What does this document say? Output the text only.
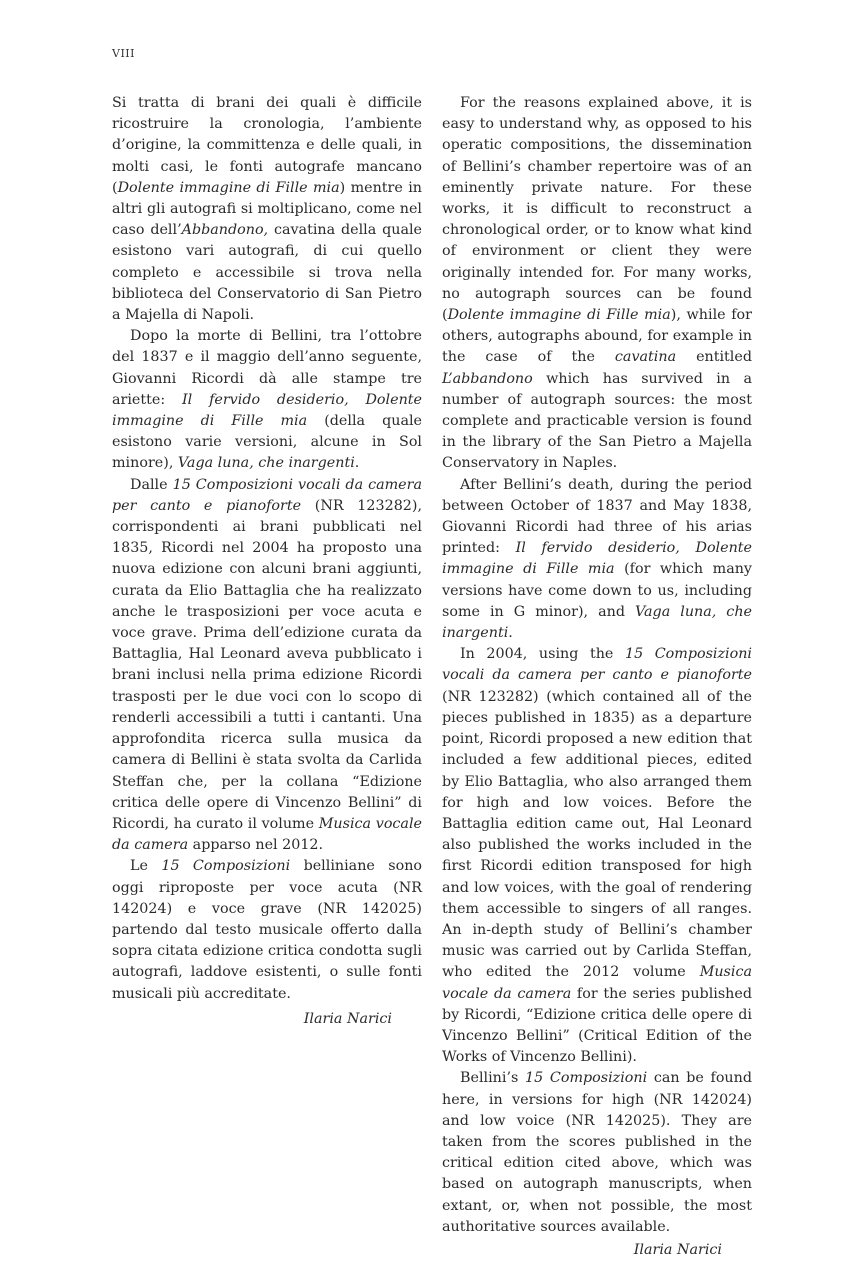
VIII

Si tratta di brani dei quali è difficile ricostruire la cronologia, l’ambiente d’origine, la committenza e delle quali, in molti casi, le fonti autografe mancano (Dolente immagine di Fille mia) mentre in altri gli autografi si moltiplicano, come nel caso dell’Abbandono, cavatina della quale esistono vari autografi, di cui quello completo e accessibile si trova nella biblioteca del Conservatorio di San Pietro a Majella di Napoli.

Dopo la morte di Bellini, tra l’ottobre del 1837 e il maggio dell’anno seguente, Giovanni Ricordi dà alle stampe tre ariette: Il fervido desiderio, Dolente immagine di Fille mia (della quale esistono varie versioni, alcune in Sol minore), Vaga luna, che inargenti.

Dalle 15 Composizioni vocali da camera per canto e pianoforte (NR 123282), corrispondenti ai brani pubblicati nel 1835, Ricordi nel 2004 ha proposto una nuova edizione con alcuni brani aggiunti, curata da Elio Battaglia che ha realizzato anche le trasposizioni per voce acuta e voce grave. Prima dell’edizione curata da Battaglia, Hal Leonard aveva pubblicato i brani inclusi nella prima edizione Ricordi trasposti per le due voci con lo scopo di renderli accessibili a tutti i cantanti. Una approfondita ricerca sulla musica da camera di Bellini è stata svolta da Carlida Steffan che, per la collana “Edizione critica delle opere di Vincenzo Bellini” di Ricordi, ha curato il volume Musica vocale da camera apparso nel 2012.

Le 15 Composizioni belliniane sono oggi riproposte per voce acuta (NR 142024) e voce grave (NR 142025) partendo dal testo musicale offerto dalla sopra citata edizione critica condotta sugli autografi, laddove esistenti, o sulle fonti musicali più accreditate.

Ilaria Narici

For the reasons explained above, it is easy to understand why, as opposed to his operatic compositions, the dissemination of Bellini’s chamber repertoire was of an eminently private nature. For these works, it is difficult to reconstruct a chronological order, or to know what kind of environment or client they were originally intended for. For many works, no autograph sources can be found (Dolente immagine di Fille mia), while for others, autographs abound, for example in the case of the cavatina entitled L’abbandono which has survived in a number of autograph sources: the most complete and practicable version is found in the library of the San Pietro a Majella Conservatory in Naples.

After Bellini’s death, during the period between October of 1837 and May 1838, Giovanni Ricordi had three of his arias printed: Il fervido desiderio, Dolente immagine di Fille mia (for which many versions have come down to us, including some in G minor), and Vaga luna, che inargenti.

In 2004, using the 15 Composizioni vocali da camera per canto e pianoforte (NR 123282) (which contained all of the pieces published in 1835) as a departure point, Ricordi proposed a new edition that included a few additional pieces, edited by Elio Battaglia, who also arranged them for high and low voices. Before the Battaglia edition came out, Hal Leonard also published the works included in the first Ricordi edition transposed for high and low voices, with the goal of rendering them accessible to singers of all ranges. An in-depth study of Bellini’s chamber music was carried out by Carlida Steffan, who edited the 2012 volume Musica vocale da camera for the series published by Ricordi, “Edizione critica delle opere di Vincenzo Bellini” (Critical Edition of the Works of Vincenzo Bellini).

Bellini’s 15 Composizioni can be found here, in versions for high (NR 142024) and low voice (NR 142025). They are taken from the scores published in the critical edition cited above, which was based on autograph manuscripts, when extant, or, when not possible, the most authoritative sources available.

Ilaria Narici
